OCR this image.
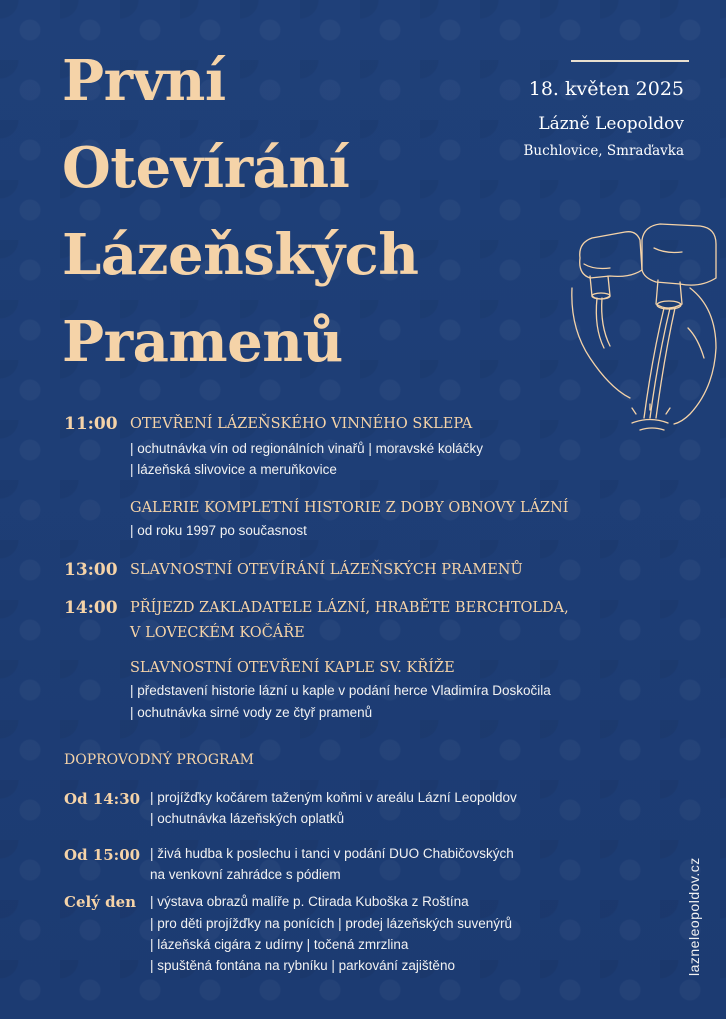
První
Otevírání
Lázeňských
Pramenů
18. květen 2025
Lázně Leopoldov
Buchlovice, Smraďavka
11:00 OTEVŘENÍ LÁZEŇSKÉHO VINNÉHO SKLEPA
| ochutnávka vín od regionálních vinařů | moravské koláčky
| lázeňská slivovice a meruňkovice
GALERIE KOMPLETNÍ HISTORIE Z DOBY OBNOVY LÁZNÍ
| od roku 1997 po současnost
13:00 SLAVNOSTNÍ OTEVÍRÁNÍ LÁZEŇSKÝCH PRAMENŮ
14:00 PŘÍJEZD ZAKLADATELE LÁZNÍ, HRABĚTE BERCHTOLDA,
V LOVECKÉM KOČÁŘE
SLAVNOSTNÍ OTEVŘENÍ KAPLE SV. KŘÍŽE
| představení historie lázní u kaple v podání herce Vladimíra Doskočila
| ochutnávka sirné vody ze čtyř pramenů
DOPROVODNÝ PROGRAM
Od 14:30 | projížďky kočárem taženým koňmi v areálu Lázní Leopoldov
| ochutnávka lázeňských oplatků
Od 15:00 | živá hudba k poslechu i tanci v podání DUO Chabičovských
na venkovní zahrádce s pódiem
Celý den | výstava obrazů malíře p. Ctirada Kuboška z Roštína
| pro děti projížďky na ponících | prodej lázeňských suvenýrů
| lázeňská cigára z udírny | točená zmrzlina
| spuštěná fontána na rybníku | parkování zajištěno	lazneleopoldov.cz
